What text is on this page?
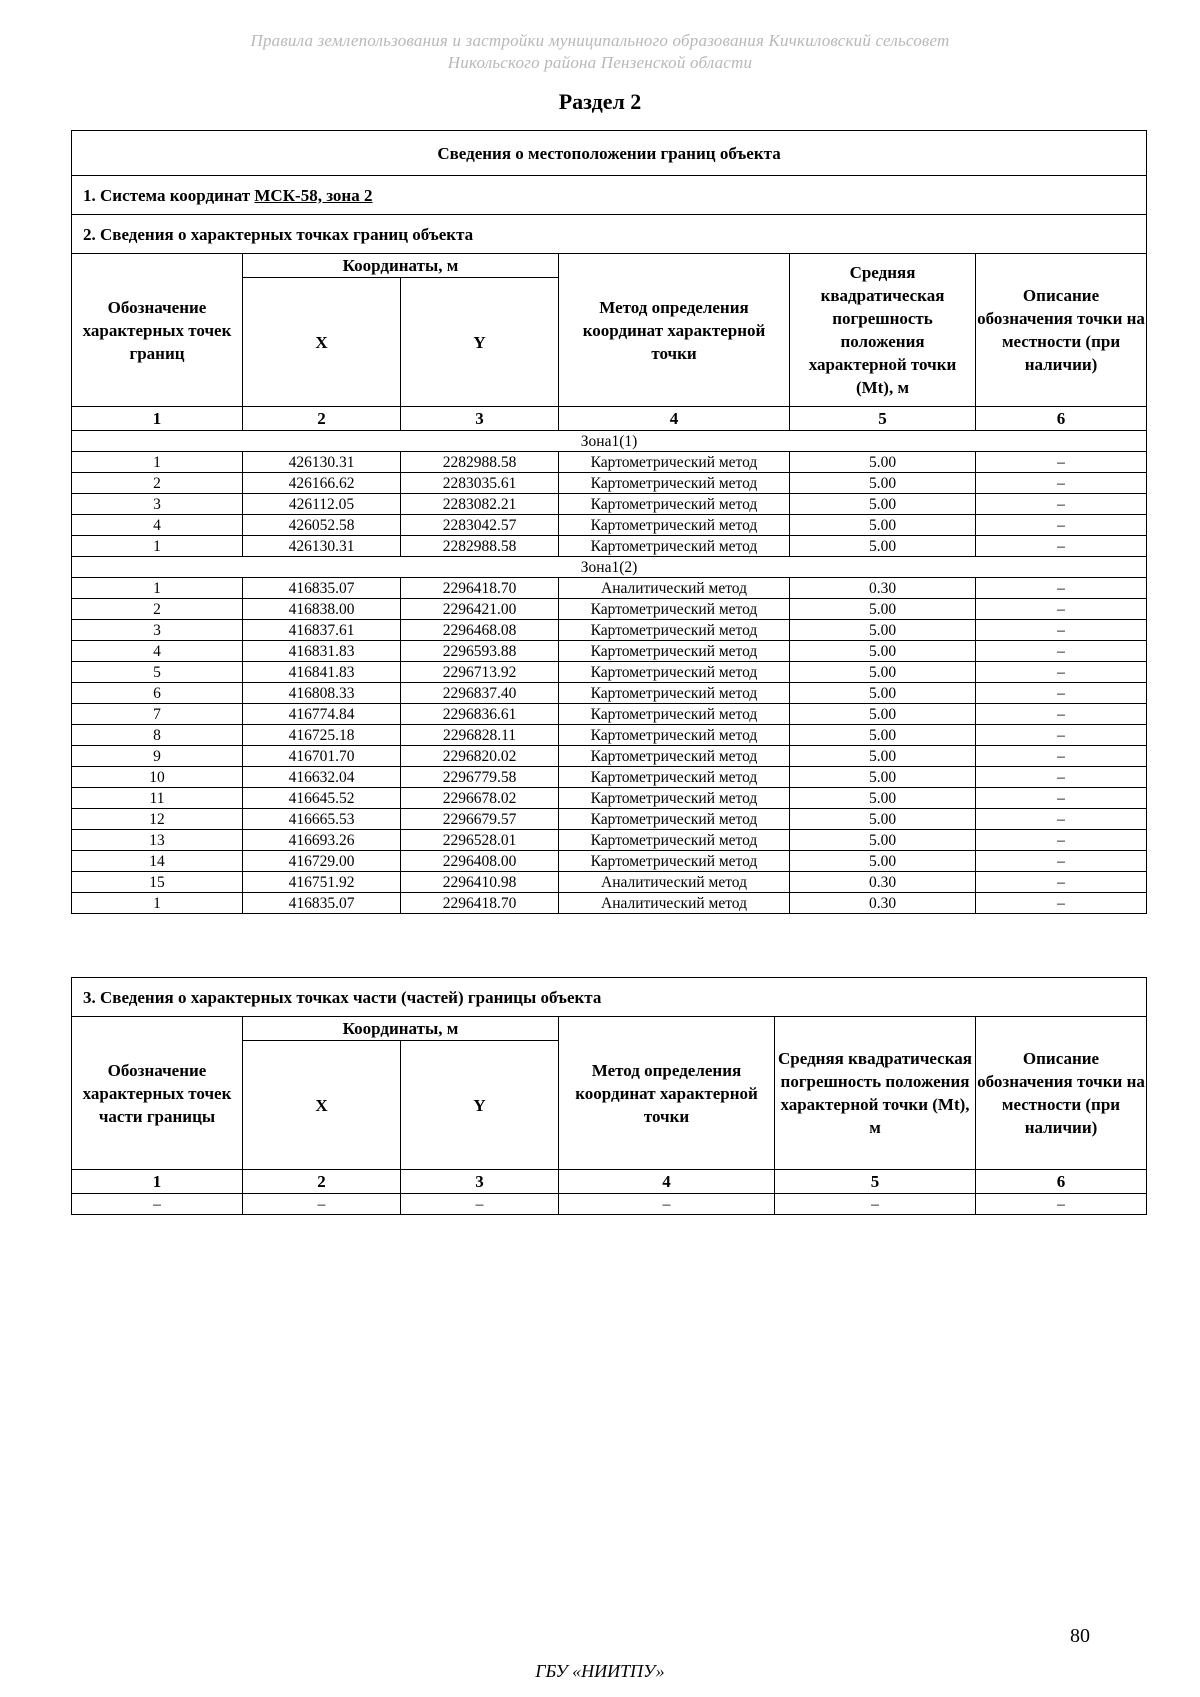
Правила землепользования и застройки муниципального образования Кичкиловский сельсовет
Никольского района Пензенской области
Раздел 2
Сведения о местоположении границ объекта					
1. Система координат МСК-58, зона 2					
2. Сведения о характерных точках границ объекта					
Обозначение характерных точек границ	Координаты, м		Метод определения координат характерной точки	Средняя квадратическая погрешность положения характерной точки (Мt), м	Описание обозначения точки на местности (при наличии)
	X	Y			
1	2	3	4	5	6
Зона1(1)					
1	426130.31	2282988.58	Картометрический метод	5.00	–
2	426166.62	2283035.61	Картометрический метод	5.00	–
3	426112.05	2283082.21	Картометрический метод	5.00	–
4	426052.58	2283042.57	Картометрический метод	5.00	–
1	426130.31	2282988.58	Картометрический метод	5.00	–
Зона1(2)					
1	416835.07	2296418.70	Аналитический метод	0.30	–
2	416838.00	2296421.00	Картометрический метод	5.00	–
3	416837.61	2296468.08	Картометрический метод	5.00	–
4	416831.83	2296593.88	Картометрический метод	5.00	–
5	416841.83	2296713.92	Картометрический метод	5.00	–
6	416808.33	2296837.40	Картометрический метод	5.00	–
7	416774.84	2296836.61	Картометрический метод	5.00	–
8	416725.18	2296828.11	Картометрический метод	5.00	–
9	416701.70	2296820.02	Картометрический метод	5.00	–
10	416632.04	2296779.58	Картометрический метод	5.00	–
11	416645.52	2296678.02	Картометрический метод	5.00	–
12	416665.53	2296679.57	Картометрический метод	5.00	–
13	416693.26	2296528.01	Картометрический метод	5.00	–
14	416729.00	2296408.00	Картометрический метод	5.00	–
15	416751.92	2296410.98	Аналитический метод	0.30	–
1	416835.07	2296418.70	Аналитический метод	0.30	–
3. Сведения о характерных точках части (частей) границы объекта					
Обозначение характерных точек части границы	Координаты, м		Метод определения координат характерной точки	Средняя квадратическая погрешность положения характерной точки (Мt), м	Описание обозначения точки на местности (при наличии)
	X	Y			
1	2	3	4	5	6
–	–	–	–	–	–
80
ГБУ «НИИТПУ»
